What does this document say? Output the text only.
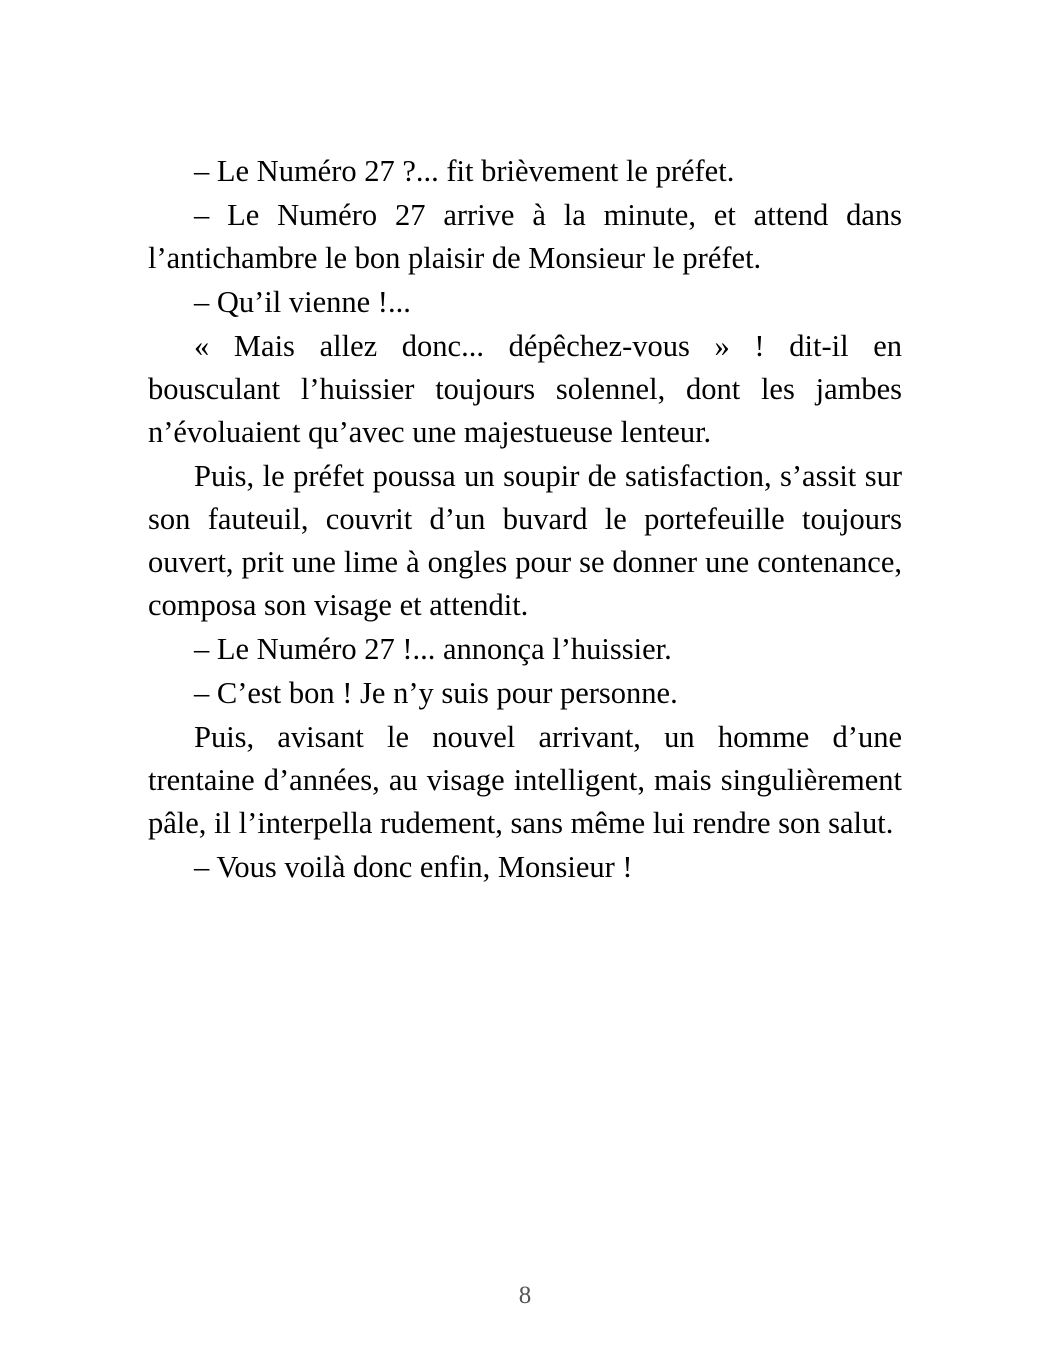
– Le Numéro 27 ?... fit brièvement le préfet.

– Le Numéro 27 arrive à la minute, et attend dans l’antichambre le bon plaisir de Monsieur le préfet.

– Qu’il vienne !...

« Mais allez donc... dépêchez-vous » ! dit-il en bousculant l’huissier toujours solennel, dont les jambes n’évoluaient qu’avec une majestueuse lenteur.

Puis, le préfet poussa un soupir de satisfaction, s’assit sur son fauteuil, couvrit d’un buvard le portefeuille toujours ouvert, prit une lime à ongles pour se donner une contenance, composa son visage et attendit.

– Le Numéro 27 !... annonça l’huissier.

– C’est bon ! Je n’y suis pour personne.

Puis, avisant le nouvel arrivant, un homme d’une trentaine d’années, au visage intelligent, mais singulièrement pâle, il l’interpella rudement, sans même lui rendre son salut.

– Vous voilà donc enfin, Monsieur !

8
